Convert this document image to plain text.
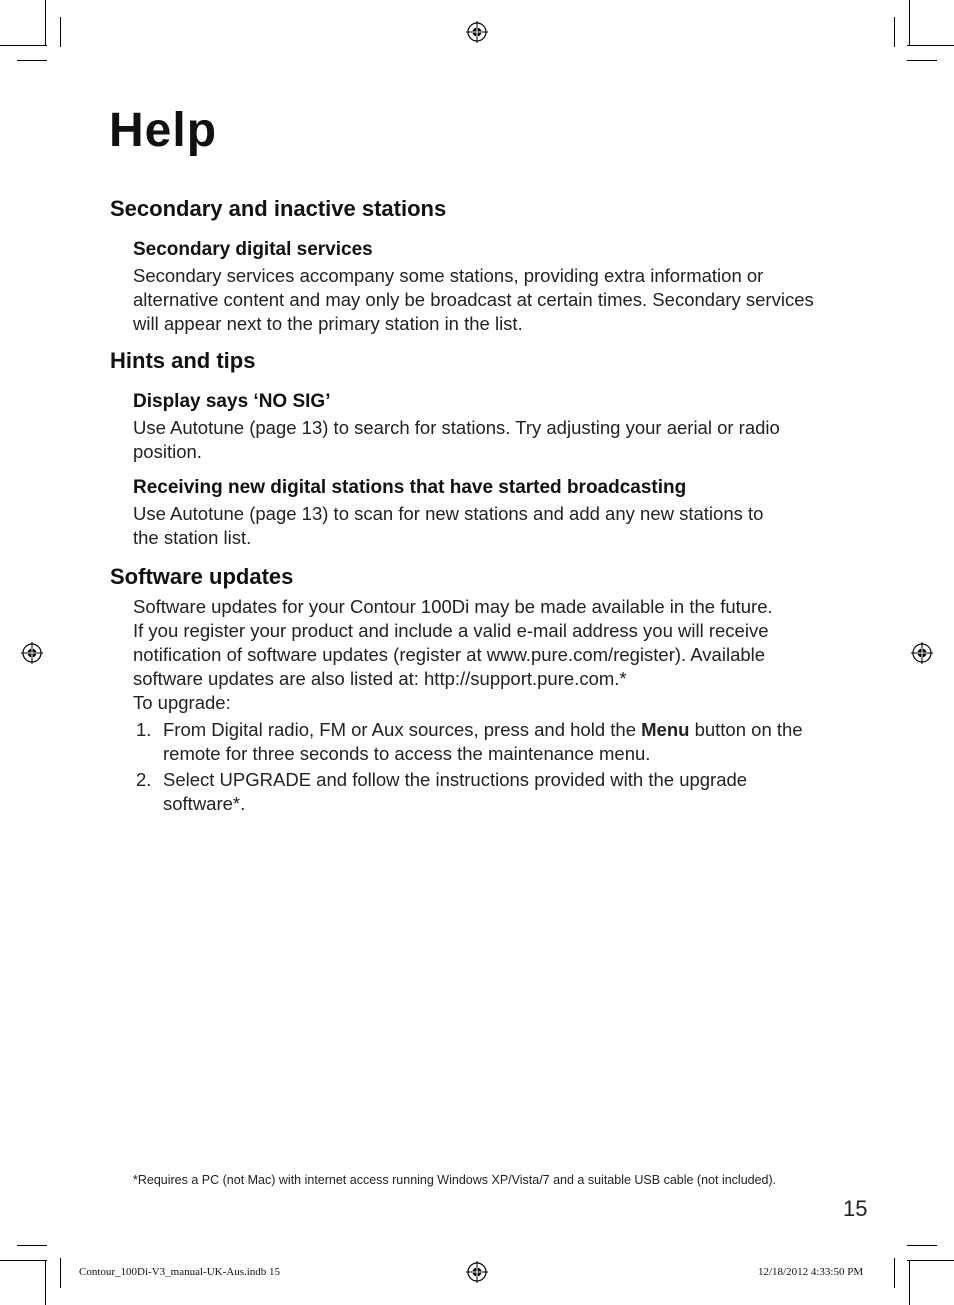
Help
Secondary and inactive stations
Secondary digital services

Secondary services accompany some stations, providing extra information or
alternative content and may only be broadcast at certain times. Secondary services
will appear next to the primary station in the list.

Hints and tips
Display says ‘NO SIG’

Use Autotune (page 13) to search for stations. Try adjusting your aerial or radio
position.

Receiving new digital stations that have started broadcasting

Use Autotune (page 13) to scan for new stations and add any new stations to
the station list.

Software updates

Software updates for your Contour 100Di may be made available in the future.
If you register your product and include a valid e-mail address you will receive
notification of software updates (register at www.pure.com/register). Available
software updates are also listed at: http://support.pure.com.*
To upgrade:

1. From Digital radio, FM or Aux sources, press and hold the Menu button on the
remote for three seconds to access the maintenance menu.
2. Select UPGRADE and follow the instructions provided with the upgrade
software*.
*Requires a PC (not Mac) with internet access running Windows XP/Vista/7 and a suitable USB cable (not included).
15
Contour_100Di-V3_manual-UK-Aus.indb 15	12/18/2012 4:33:50 PM
